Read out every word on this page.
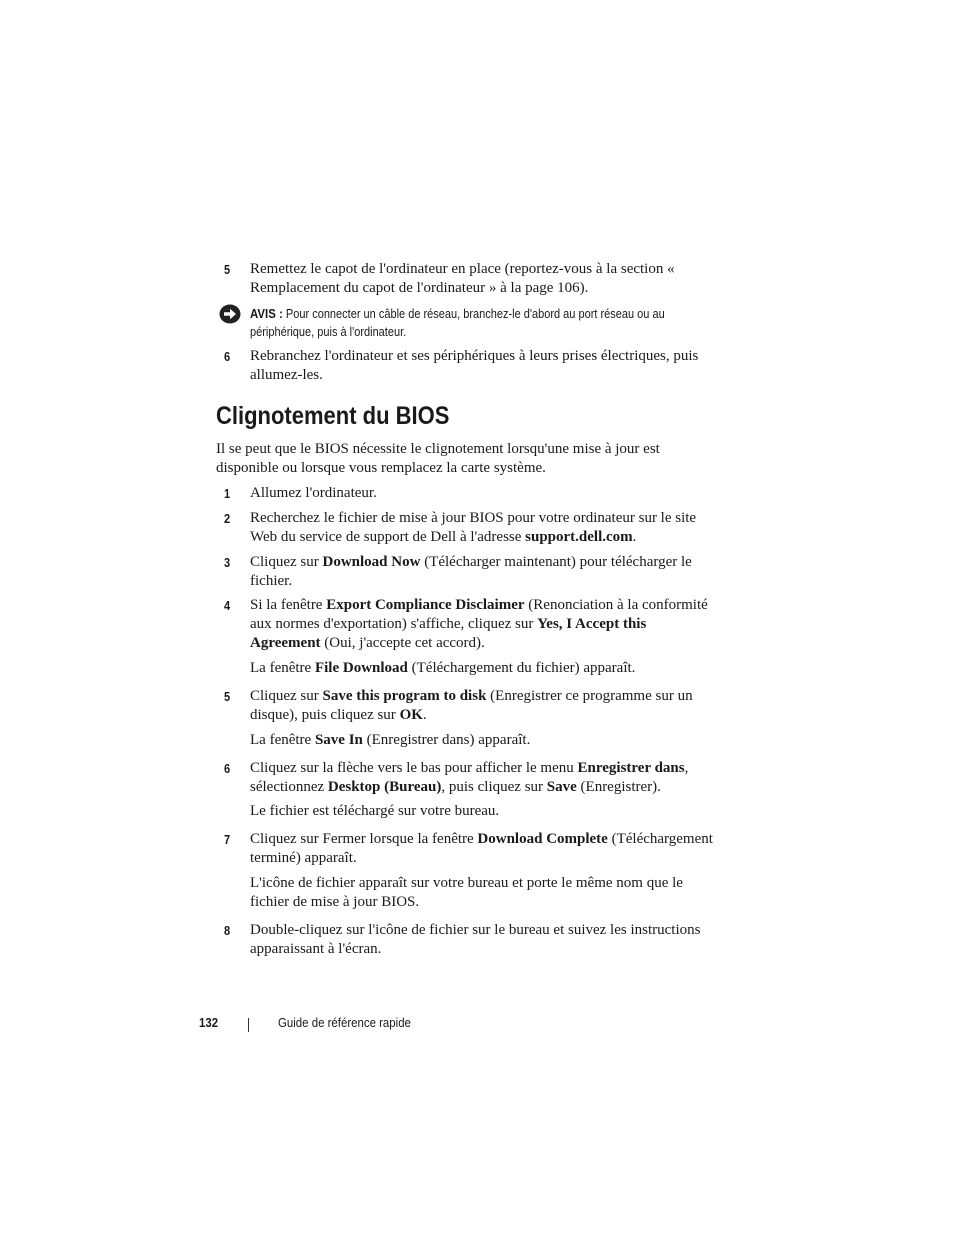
5 Remettez le capot de l'ordinateur en place (reportez-vous à la section « Remplacement du capot de l'ordinateur » à la page 106).
AVIS : Pour connecter un câble de réseau, branchez-le d'abord au port réseau ou au périphérique, puis à l'ordinateur.
6 Rebranchez l'ordinateur et ses périphériques à leurs prises électriques, puis allumez-les.
Clignotement du BIOS
Il se peut que le BIOS nécessite le clignotement lorsqu'une mise à jour est disponible ou lorsque vous remplacez la carte système.
1 Allumez l'ordinateur.
2 Recherchez le fichier de mise à jour BIOS pour votre ordinateur sur le site Web du service de support de Dell à l'adresse support.dell.com.
3 Cliquez sur Download Now (Télécharger maintenant) pour télécharger le fichier.
4 Si la fenêtre Export Compliance Disclaimer (Renonciation à la conformité aux normes d'exportation) s'affiche, cliquez sur Yes, I Accept this Agreement (Oui, j'accepte cet accord).
La fenêtre File Download (Téléchargement du fichier) apparaît.
5 Cliquez sur Save this program to disk (Enregistrer ce programme sur un disque), puis cliquez sur OK.
La fenêtre Save In (Enregistrer dans) apparaît.
6 Cliquez sur la flèche vers le bas pour afficher le menu Enregistrer dans, sélectionnez Desktop (Bureau), puis cliquez sur Save (Enregistrer).
Le fichier est téléchargé sur votre bureau.
7 Cliquez sur Fermer lorsque la fenêtre Download Complete (Téléchargement terminé) apparaît.
L'icône de fichier apparaît sur votre bureau et porte le même nom que le fichier de mise à jour BIOS.
8 Double-cliquez sur l'icône de fichier sur le bureau et suivez les instructions apparaissant à l'écran.
132	Guide de référence rapide
